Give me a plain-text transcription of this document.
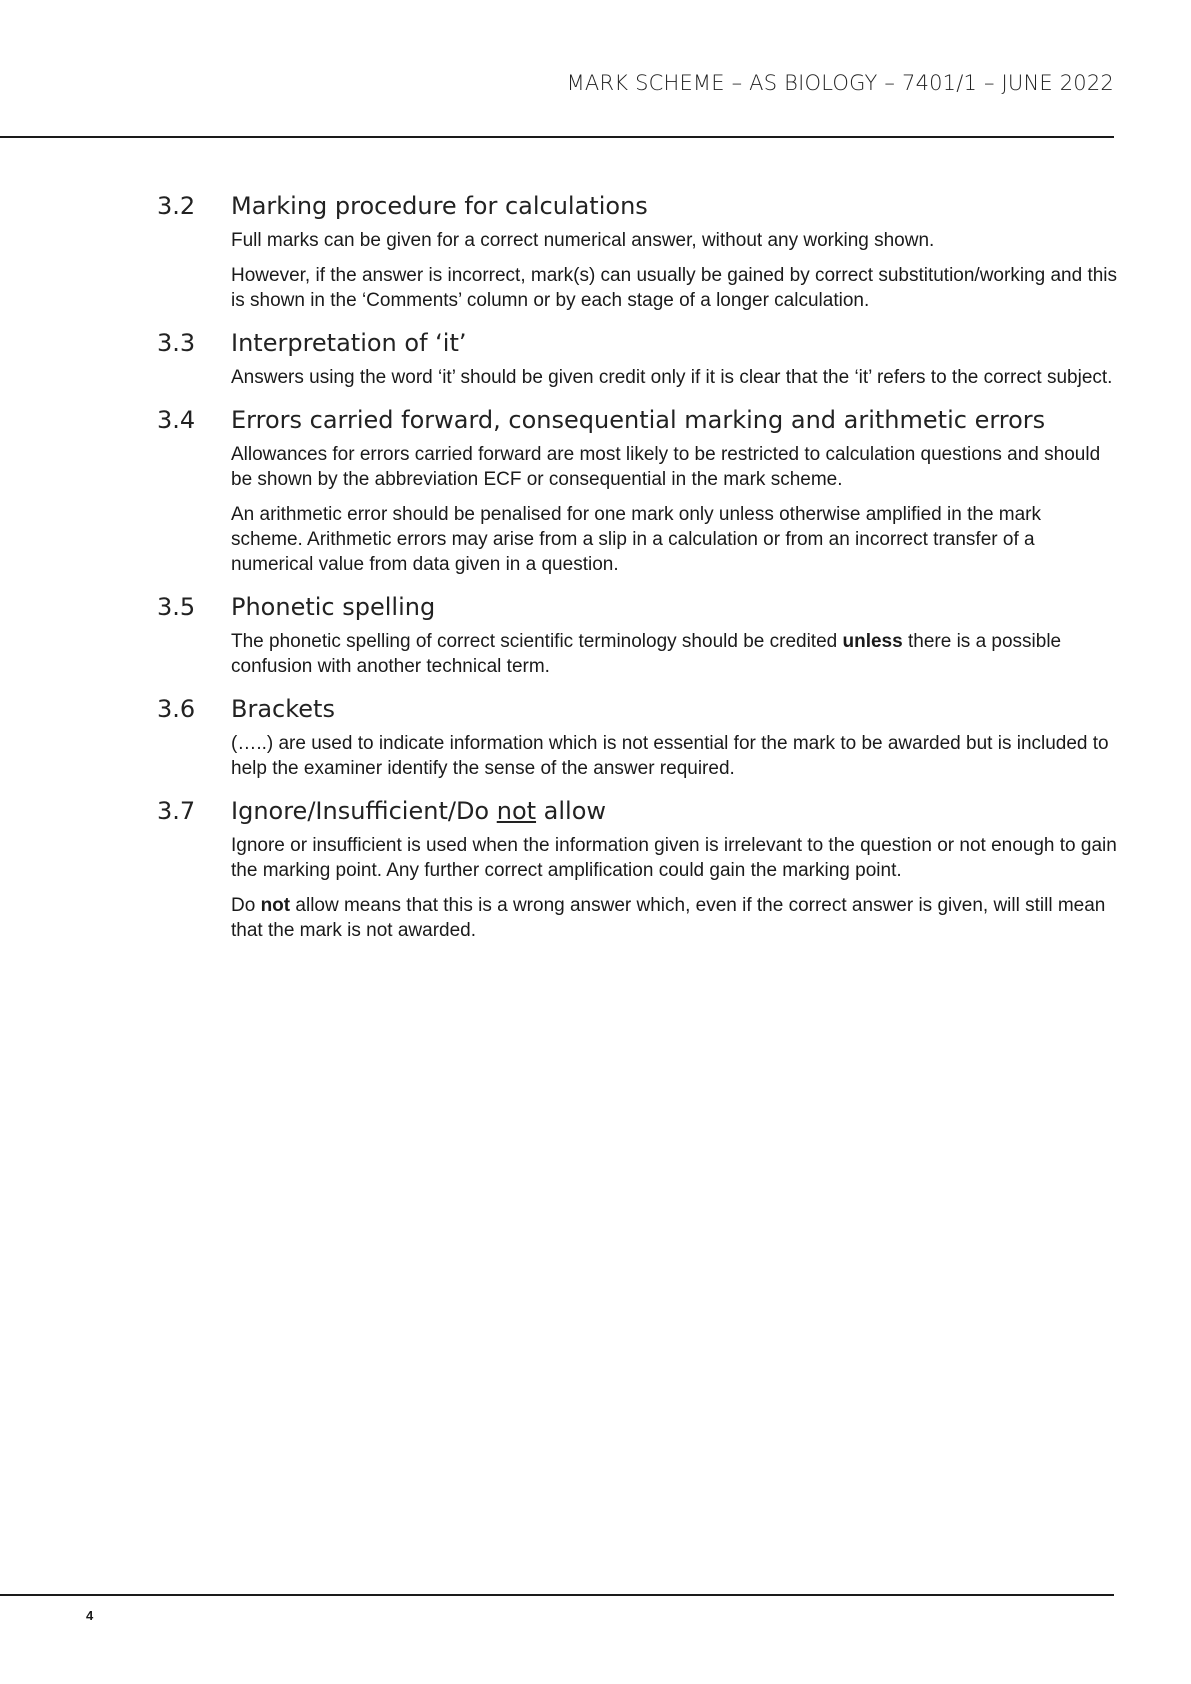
MARK SCHEME – AS BIOLOGY – 7401/1 – JUNE 2022
3.2	Marking procedure for calculations

Full marks can be given for a correct numerical answer, without any working shown.

However, if the answer is incorrect, mark(s) can usually be gained by correct substitution/working and this is shown in the ‘Comments’ column or by each stage of a longer calculation.

3.3	Interpretation of ‘it’

Answers using the word ‘it’ should be given credit only if it is clear that the ‘it’ refers to the correct subject.

3.4	Errors carried forward, consequential marking and arithmetic errors

Allowances for errors carried forward are most likely to be restricted to calculation questions and should be shown by the abbreviation ECF or consequential in the mark scheme.

An arithmetic error should be penalised for one mark only unless otherwise amplified in the mark scheme. Arithmetic errors may arise from a slip in a calculation or from an incorrect transfer of a numerical value from data given in a question.

3.5	Phonetic spelling

The phonetic spelling of correct scientific terminology should be credited unless there is a possible confusion with another technical term.

3.6	Brackets

(…..) are used to indicate information which is not essential for the mark to be awarded but is included to help the examiner identify the sense of the answer required.

3.7	Ignore/Insufficient/Do not allow

Ignore or insufficient is used when the information given is irrelevant to the question or not enough to gain the marking point. Any further correct amplification could gain the marking point.

Do not allow means that this is a wrong answer which, even if the correct answer is given, will still mean that the mark is not awarded.

4
